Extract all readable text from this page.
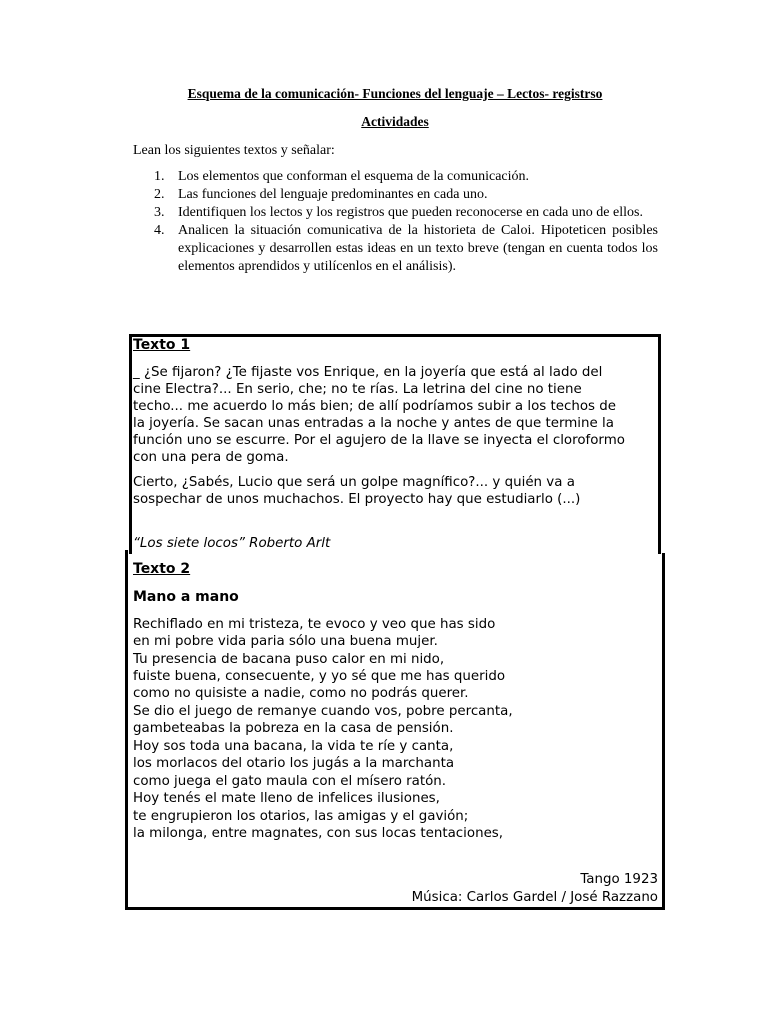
Esquema de la comunicación- Funciones del lenguaje – Lectos- registrso
Actividades
Lean los siguientes textos y señalar:
1. Los elementos que conforman el esquema de la comunicación.
2. Las funciones del lenguaje predominantes en cada uno.
3. Identifiquen los lectos y los registros que pueden reconocerse en cada uno de ellos.
4. Analicen la situación comunicativa de la historieta de Caloi. Hipoteticen posibles explicaciones y desarrollen estas ideas en un texto breve (tengan en cuenta todos los elementos aprendidos y utilícenlos en el análisis).
Texto 1
_ ¿Se fijaron? ¿Te fijaste vos Enrique, en la joyería que está al lado del
cine Electra?... En serio, che; no te rías. La letrina del cine no tiene
techo... me acuerdo lo más bien; de allí podríamos subir a los techos de
la joyería. Se sacan unas entradas a la noche y antes de que termine la
función uno se escurre. Por el agujero de la llave se inyecta el cloroformo
con una pera de goma.
Cierto, ¿Sabés, Lucio que será un golpe magnífico?... y quién va a
sospechar de unos muchachos. El proyecto hay que estudiarlo (...)
“Los siete locos” Roberto Arlt
Texto 2
Mano a mano
Rechiflado en mi tristeza, te evoco y veo que has sido
en mi pobre vida paria sólo una buena mujer.
Tu presencia de bacana puso calor en mi nido,
fuiste buena, consecuente, y yo sé que me has querido
como no quisiste a nadie, como no podrás querer.
Se dio el juego de remanye cuando vos, pobre percanta,
gambeteabas la pobreza en la casa de pensión.
Hoy sos toda una bacana, la vida te ríe y canta,
los morlacos del otario los jugás a la marchanta
como juega el gato maula con el mísero ratón.
Hoy tenés el mate lleno de infelices ilusiones,
te engrupieron los otarios, las amigas y el gavión;
la milonga, entre magnates, con sus locas tentaciones,
Tango 1923
Música: Carlos Gardel / José Razzano
